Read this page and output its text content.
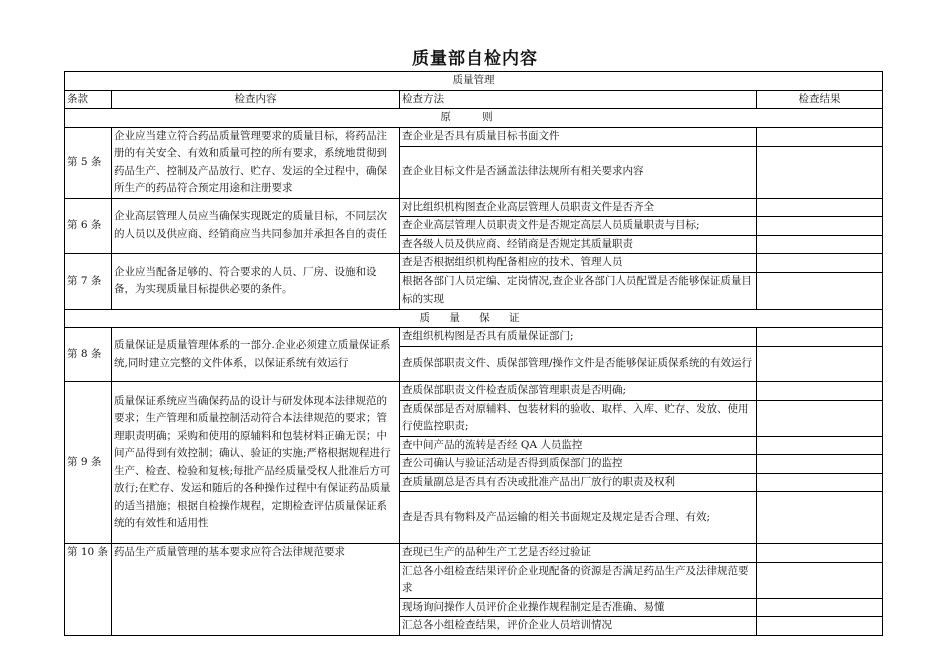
质量部自检内容
质量管理			
条款	检查内容	检查方法	检查结果
原 则			
第 5 条	企业应当建立符合药品质量管理要求的质量目标，将药品注册的有关安全、有效和质量可控的所有要求，系统地贯彻到药品生产、控制及产品放行、贮存、发运的全过程中，确保所生产的药品符合预定用途和注册要求	查企业是否具有质量目标书面文件	
		查企业目标文件是否涵盖法律法规所有相关要求内容	
第 6 条	企业高层管理人员应当确保实现既定的质量目标，不同层次的人员以及供应商、经销商应当共同参加并承担各自的责任	对比组织机构图查企业高层管理人员职责文件是否齐全	
		查企业高层管理人员职责文件是否规定高层人员质量职责与目标;	
		查各级人员及供应商、经销商是否规定其质量职责	
第 7 条	企业应当配备足够的、符合要求的人员、厂房、设施和设备，为实现质量目标提供必要的条件。	查是否根据组织机构配备相应的技术、管理人员	
		根据各部门人员定编、定岗情况,查企业各部门人员配置是否能够保证质量目标的实现	
质 量 保 证			
第 8 条	质量保证是质量管理体系的一部分.企业必须建立质量保证系统,同时建立完整的文件体系，以保证系统有效运行	查组织机构图是否具有质量保证部门;	
		查质保部职责文件、质保部管理/操作文件是否能够保证质保系统的有效运行	
第 9 条	质量保证系统应当确保药品的设计与研发体现本法律规范的要求；生产管理和质量控制活动符合本法律规范的要求；管理职责明确；采购和使用的原辅料和包装材料正确无误；中间产品得到有效控制；确认、验证的实施;严格根据规程进行生产、检查、检验和复核;每批产品经质量受权人批准后方可放行;在贮存、发运和随后的各种操作过程中有保证药品质量的适当措施；根据自检操作规程，定期检查评估质量保证系统的有效性和适用性	查质保部职责文件检查质保部管理职责是否明确;	
		查质保部是否对原辅料、包装材料的验收、取样、入库、贮存、发放、使用行使监控职责;	
		查中间产品的流转是否经 QA 人员监控	
		查公司确认与验证活动是否得到质保部门的监控	
		查质量副总是否具有否决或批准产品出厂放行的职责及权利	
		查是否具有物料及产品运输的相关书面规定及规定是否合理、有效;	
第 10 条	药品生产质量管理的基本要求应符合法律规范要求	查现已生产的品种生产工艺是否经过验证	
		汇总各小组检查结果评价企业现配备的资源是否满足药品生产及法律规范要求	
		现场询问操作人员评价企业操作规程制定是否准确、易懂	
		汇总各小组检查结果，评价企业人员培训情况	
